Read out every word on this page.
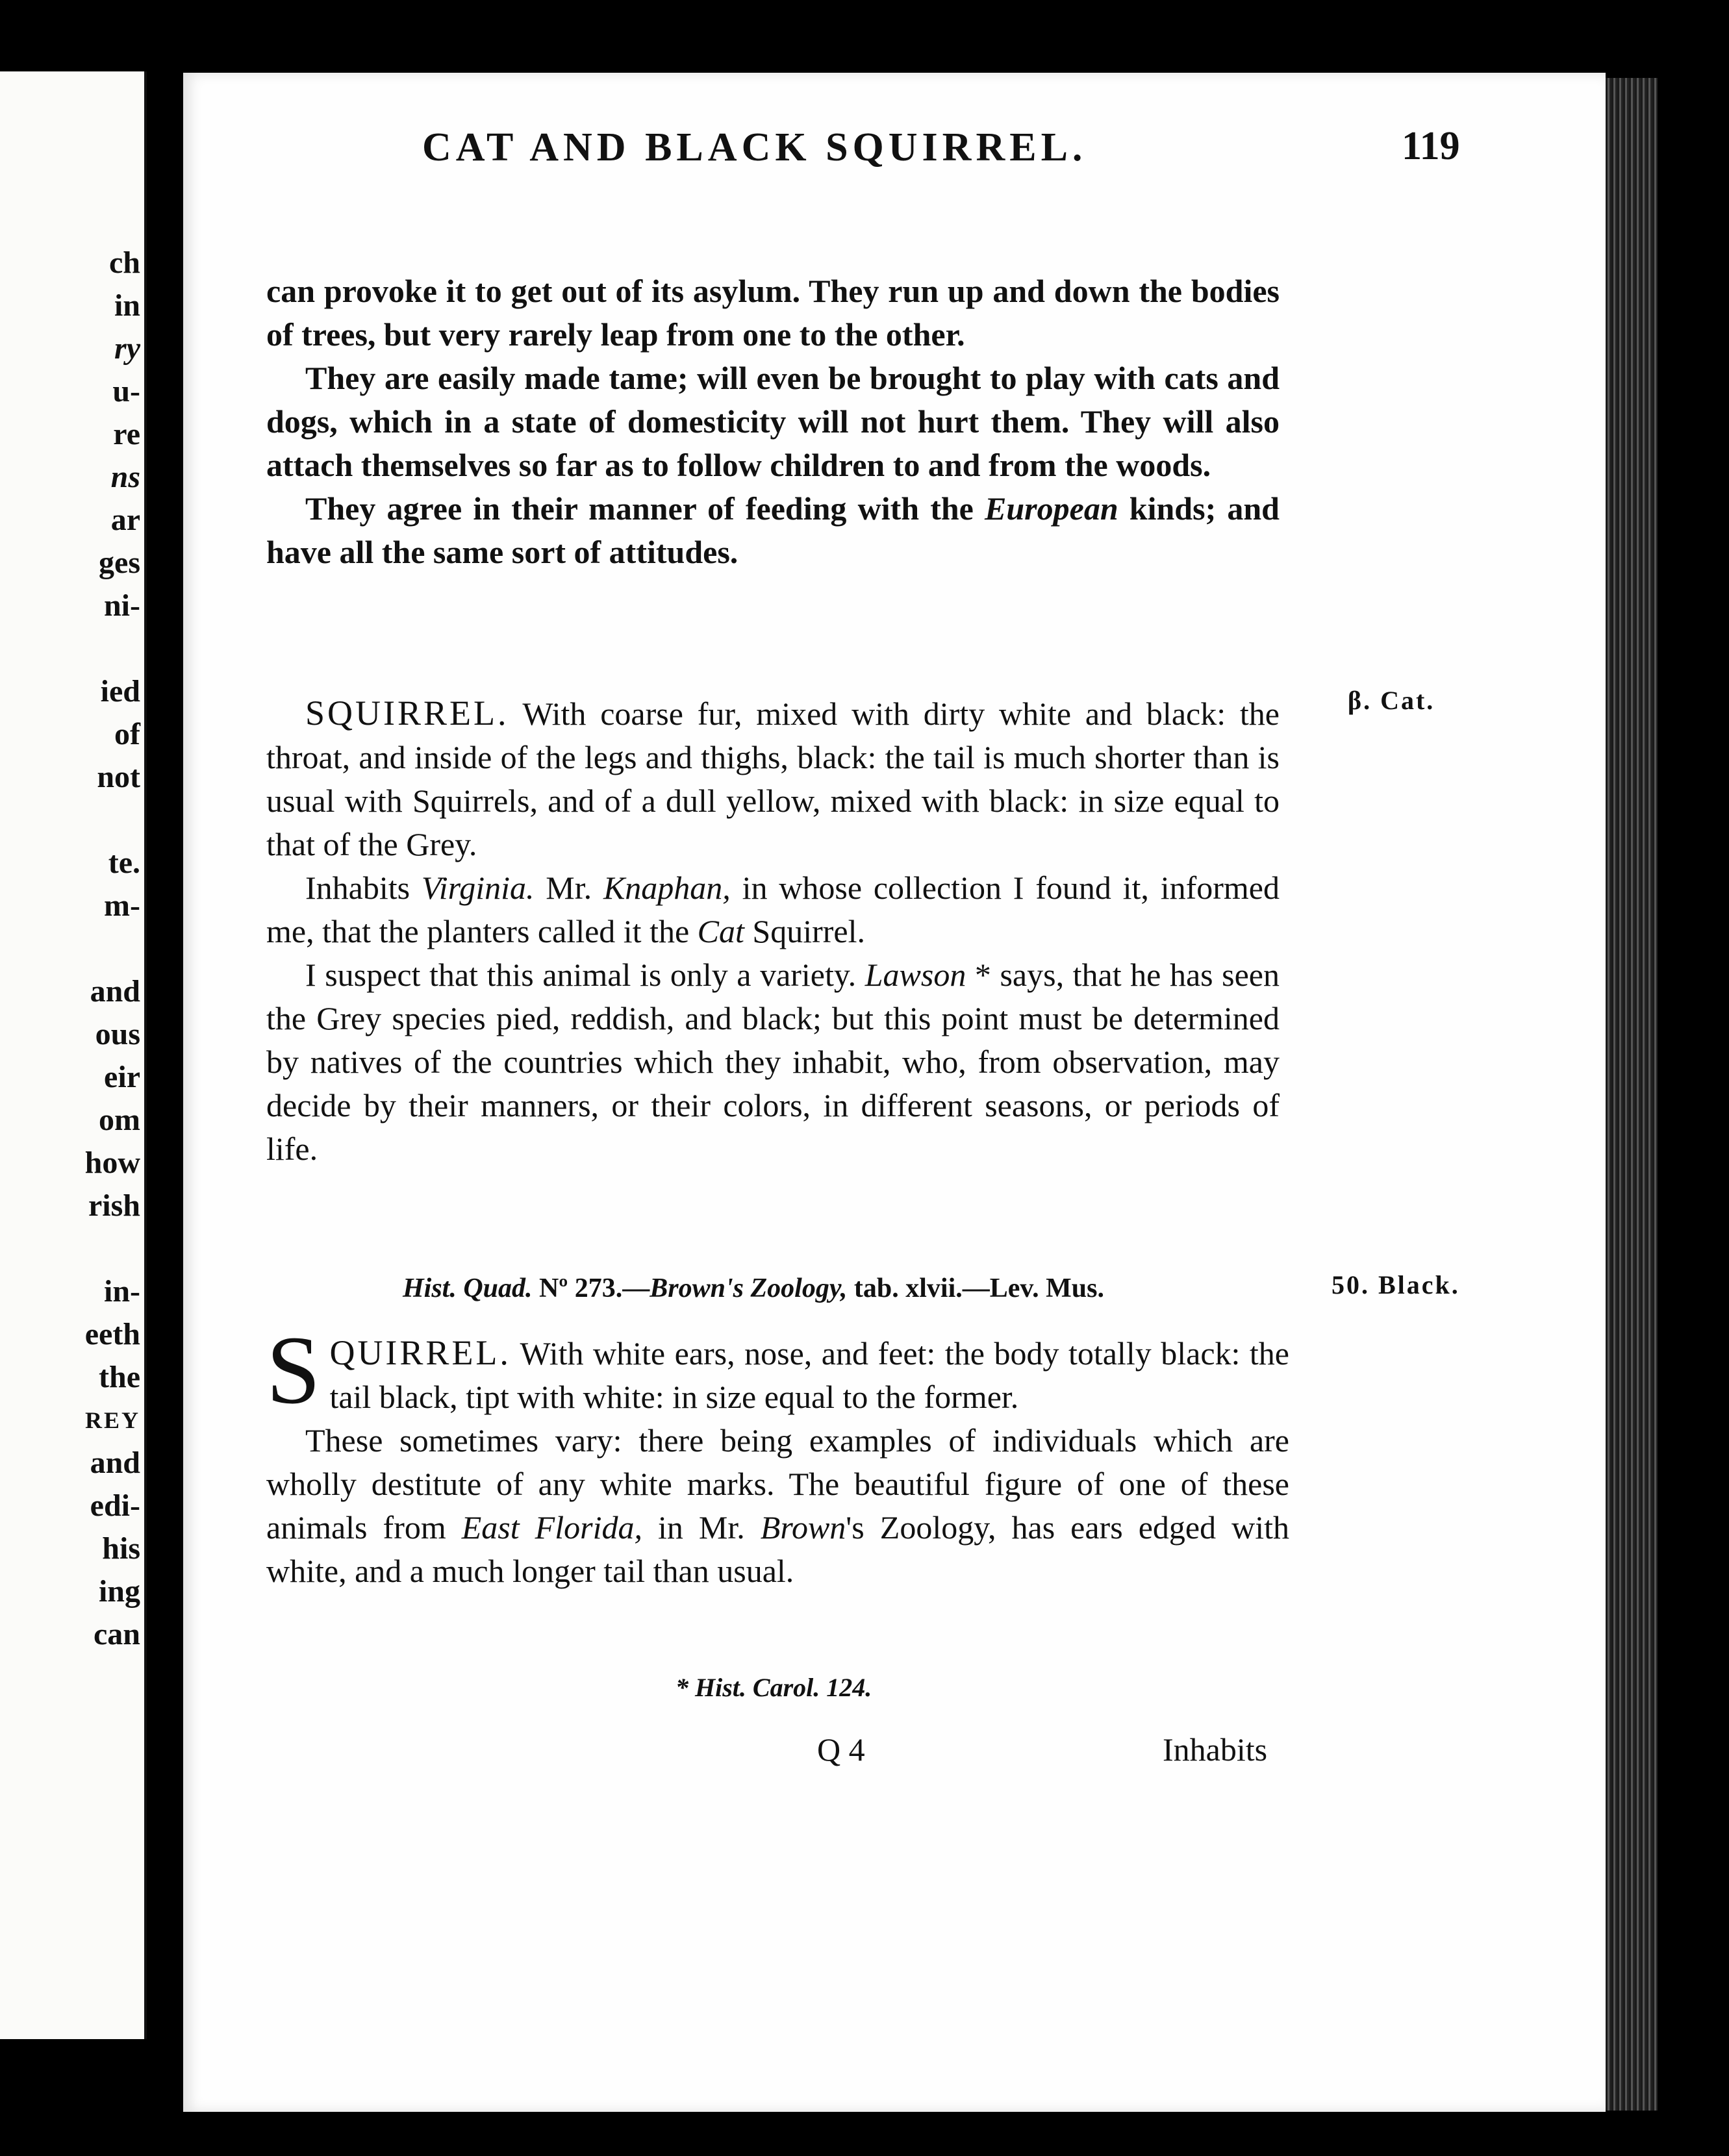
ch
in
ry
u-
re
ns
ar
ges
ni-
ied
of
not
te.
m-
and
ous
eir
om
how
rish
in-
eeth
the
REY
and
edi-
his
ing
can
CAT AND BLACK SQUIRREL.	119

can provoke it to get out of its asylum. They run up and down the bodies of trees, but very rarely leap from one to the other.

They are easily made tame; will even be brought to play with cats and dogs, which in a state of domesticity will not hurt them. They will also attach themselves so far as to follow children to and from the woods.

They agree in their manner of feeding with the European kinds; and have all the same sort of attitudes.

β. Cat.

SQUIRREL. With coarse fur, mixed with dirty white and black: the throat, and inside of the legs and thighs, black: the tail is much shorter than is usual with Squirrels, and of a dull yellow, mixed with black: in size equal to that of the Grey.

Inhabits Virginia. Mr. Knaphan, in whose collection I found it, informed me, that the planters called it the Cat Squirrel.

I suspect that this animal is only a variety. Lawson * says, that he has seen the Grey species pied, reddish, and black; but this point must be determined by natives of the countries which they inhabit, who, from observation, may decide by their manners, or their colors, in different seasons, or periods of life.

Hist. Quad. Nº 273.—Brown's Zoology, tab. xlvii.—Lev. Mus.	50. Black.

SQUIRREL. With white ears, nose, and feet: the body totally black: the tail black, tipt with white: in size equal to the former.

These sometimes vary: there being examples of individuals which are wholly destitute of any white marks. The beautiful figure of one of these animals from East Florida, in Mr. Brown's Zoology, has ears edged with white, and a much longer tail than usual.

* Hist. Carol. 124.
Q 4	Inhabits
